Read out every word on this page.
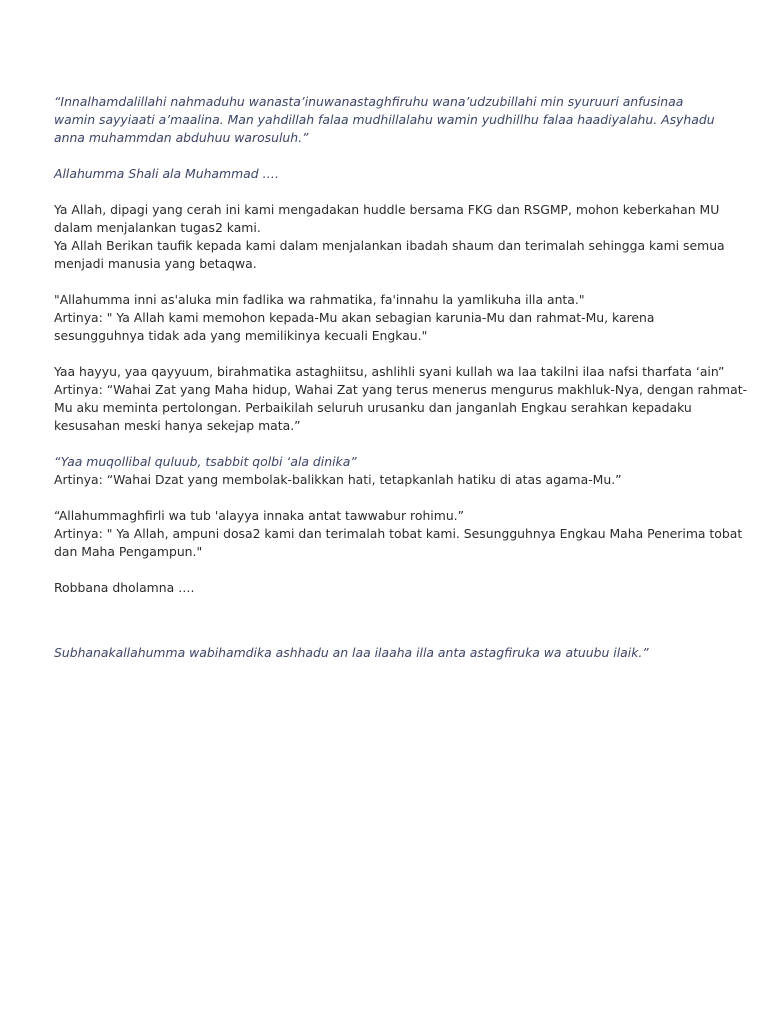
“Innalhamdalillahi nahmaduhu wanasta’inuwanastaghfiruhu wana’udzubillahi min syuruuri anfusinaa
wamin sayyiaati a’maalina. Man yahdillah falaa mudhillalahu wamin yudhillhu falaa haadiyalahu. Asyhadu
anna muhammdan abduhuu warosuluh.”

Allahumma Shali ala Muhammad ….

Ya Allah, dipagi yang cerah ini kami mengadakan huddle bersama FKG dan RSGMP, mohon keberkahan MU
dalam menjalankan tugas2 kami.
Ya Allah Berikan taufik kepada kami dalam menjalankan ibadah shaum dan terimalah sehingga kami semua
menjadi manusia yang betaqwa.

"Allahumma inni as'aluka min fadlika wa rahmatika, fa'innahu la yamlikuha illa anta."
Artinya: " Ya Allah kami memohon kepada-Mu akan sebagian karunia-Mu dan rahmat-Mu, karena
sesungguhnya tidak ada yang memilikinya kecuali Engkau."

Yaa hayyu, yaa qayyuum, birahmatika astaghiitsu, ashlihli syani kullah wa laa takilni ilaa nafsi tharfata ‘ain”
Artinya: “Wahai Zat yang Maha hidup, Wahai Zat yang terus menerus mengurus makhluk-Nya, dengan rahmat-
Mu aku meminta pertolongan. Perbaikilah seluruh urusanku dan janganlah Engkau serahkan kepadaku
kesusahan meski hanya sekejap mata.”

“Yaa muqollibal quluub, tsabbit qolbi ‘ala dinika”
Artinya: “Wahai Dzat yang membolak-balikkan hati, tetapkanlah hatiku di atas agama-Mu.”

“Allahummaghfirli wa tub 'alayya innaka antat tawwabur rohimu.”
Artinya: " Ya Allah, ampuni dosa2 kami dan terimalah tobat kami. Sesungguhnya Engkau Maha Penerima tobat
dan Maha Pengampun."

Robbana dholamna ….

Subhanakallahumma wabihamdika ashhadu an laa ilaaha illa anta astagfiruka wa atuubu ilaik.”
